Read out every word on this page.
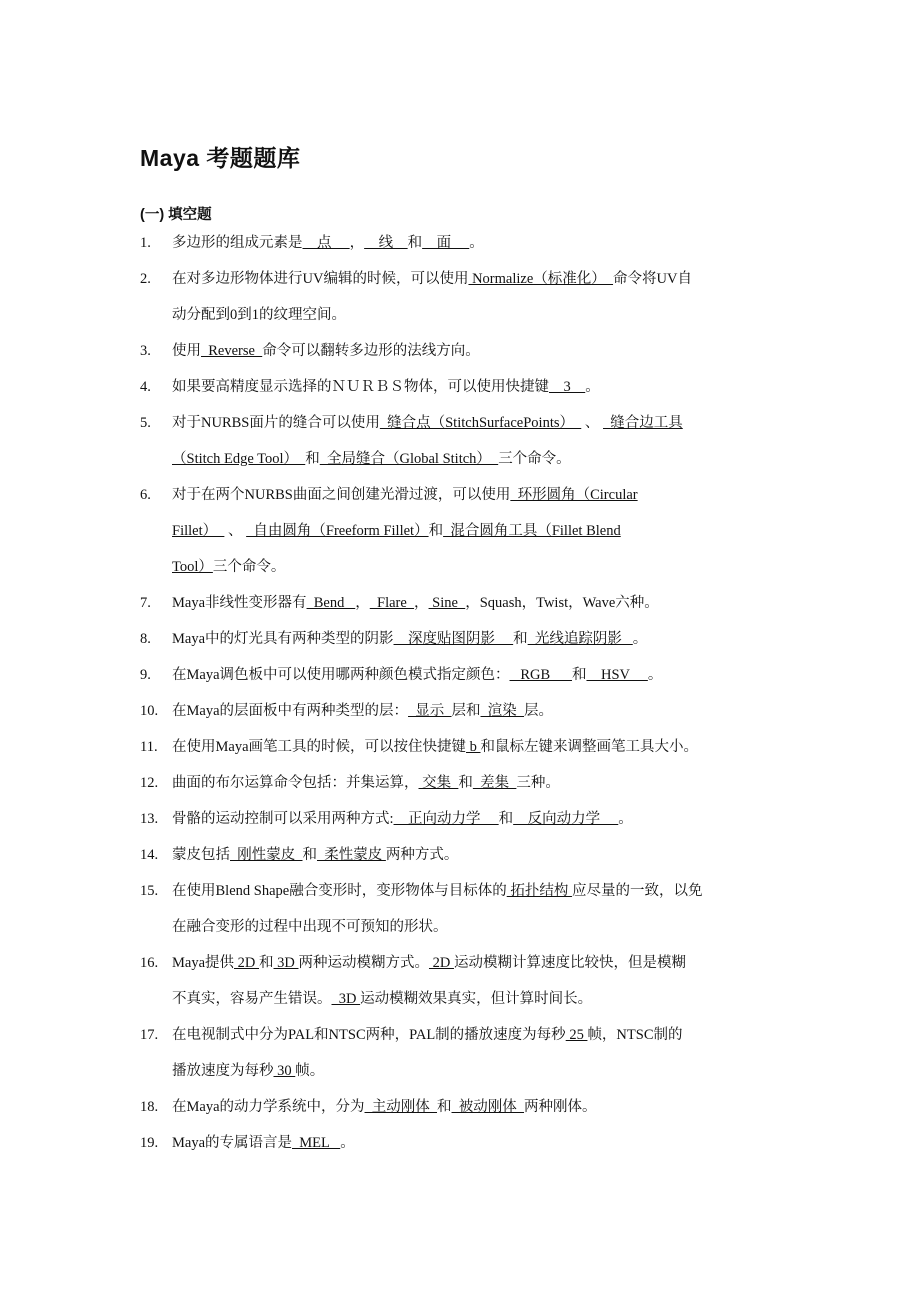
Maya 考题题库
(一) 填空题
1. 多边形的组成元素是    点     ，    线    和    面     。
2. 在对多边形物体进行UV编辑的时候，可以使用 Normalize（标准化）  命令将UV自
动分配到0到1的纹理空间。
3. 使用  Reverse  命令可以翻转多边形的法线方向。
4. 如果要高精度显示选择的ＮＵＲＢＳ物体，可以使用快捷键    3    。
5. 对于NURBS面片的缝合可以使用  缝合点（StitchSurfacePoints）   、   缝合边工具
（Stitch Edge Tool）  和  全局缝合（Global Stitch）  三个命令。
6. 对于在两个NURBS曲面之间创建光滑过渡，可以使用  环形圆角（Circular
Fillet）   、   自由圆角（Freeform Fillet）和  混合圆角工具（Fillet Blend
Tool）三个命令。
7. Maya非线性变形器有  Bend   ，  Flare  ， Sine  ，Squash，Twist，Wave六种。
8. Maya中的灯光具有两种类型的阴影    深度贴图阴影     和  光线追踪阴影   。
9. 在Maya调色板中可以使用哪两种颜色模式指定颜色：   RGB      和    HSV     。
10. 在Maya的层面板中有两种类型的层：  显示  层和  渲染  层。
11. 在使用Maya画笔工具的时候，可以按住快捷键 b 和鼠标左键来调整画笔工具大小。
12. 曲面的布尔运算命令包括：并集运算， 交集  和  差集  三种。
13. 骨骼的运动控制可以采用两种方式:    正向动力学     和    反向动力学     。
14. 蒙皮包括  刚性蒙皮  和  柔性蒙皮 两种方式。
15. 在使用Blend Shape融合变形时，变形物体与目标体的 拓扑结构 应尽量的一致，以免
在融合变形的过程中出现不可预知的形状。
16. Maya提供 2D 和 3D 两种运动模糊方式。 2D 运动模糊计算速度比较快，但是模糊
不真实，容易产生错误。  3D 运动模糊效果真实，但计算时间长。
17. 在电视制式中分为PAL和NTSC两种，PAL制的播放速度为每秒 25 帧，NTSC制的
播放速度为每秒 30 帧。
18. 在Maya的动力学系统中，分为  主动刚体  和  被动刚体  两种刚体。
19. Maya的专属语言是  MEL   。
